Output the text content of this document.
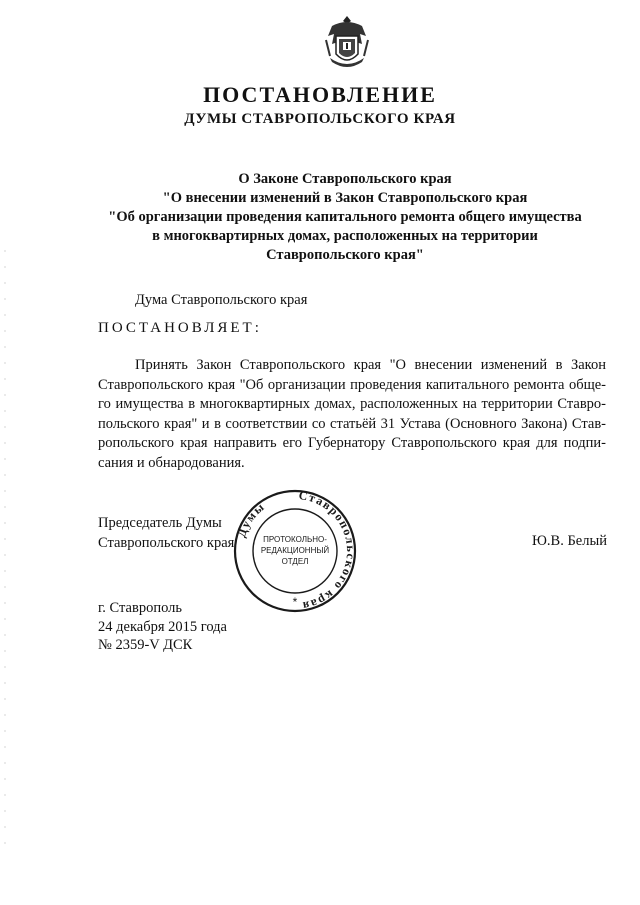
ПОСТАНОВЛЕНИЕ
ДУМЫ СТАВРОПОЛЬСКОГО КРАЯ
О Законе Ставропольского края
"О внесении изменений в Закон Ставропольского края
"Об организации проведения капитального ремонта общего имущества
в многоквартирных домах, расположенных на территории
Ставропольского края"
Дума Ставропольского края
ПОСТАНОВЛЯЕТ:
Принять Закон Ставропольского края "О внесении изменений в Закон
Ставропольского края "Об организации проведения капитального ремонта обще-
го имущества в многоквартирных домах, расположенных на территории Ставро-
польского края" и в соответствии со статьёй 31 Устава (Основного Закона) Став-
ропольского края направить его Губернатору Ставропольского края для подпи-
сания и обнародования.
Председатель Думы
Ставропольского края	Ю.В. Белый
Ставропольского края
Думы
ПРОТОКОЛЬНО-
РЕДАКЦИОННЫЙ
ОТДЕЛ
*
г. Ставрополь
24 декабря 2015 года
№ 2359-V ДСК
